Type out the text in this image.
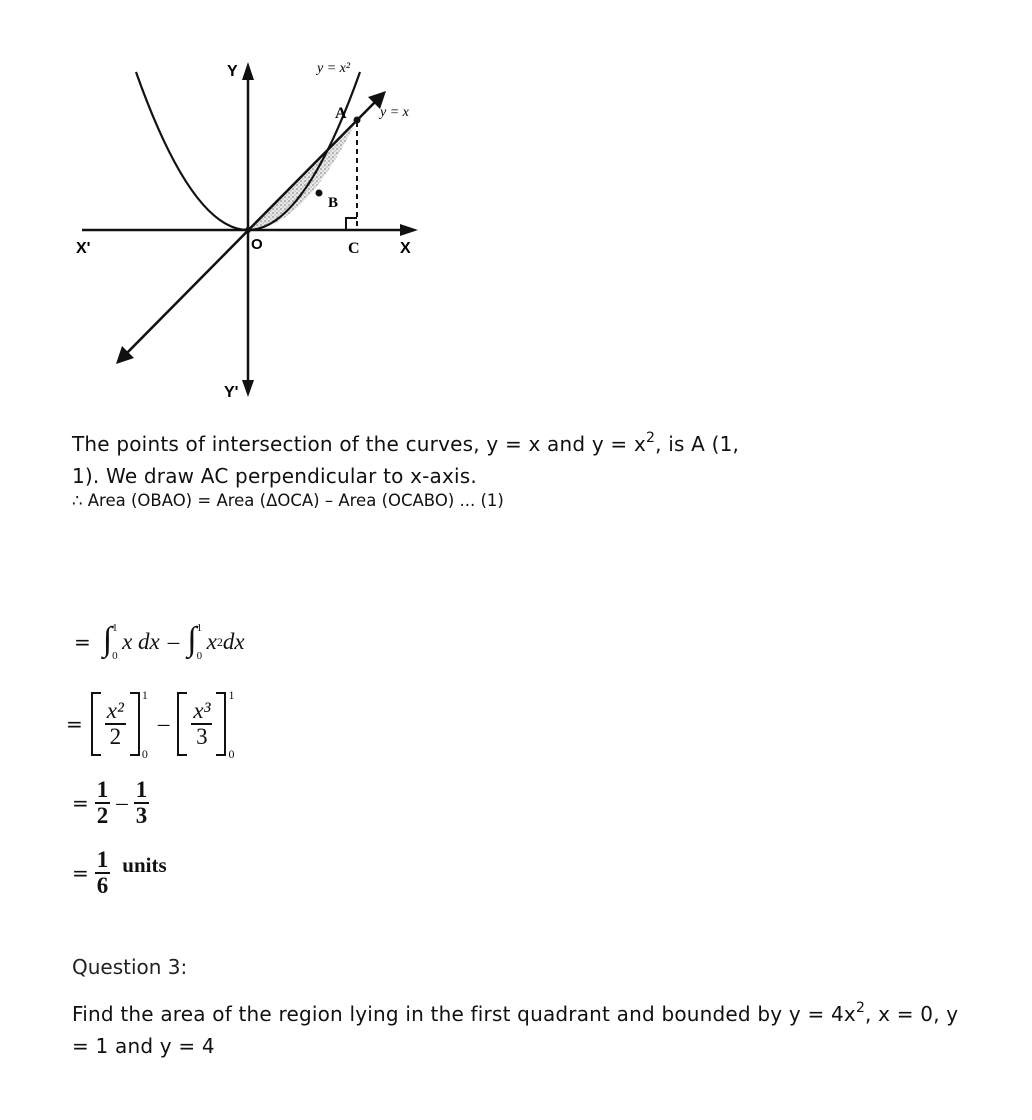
Y
Y'
X
X'	O
A
B
C
y = x²
y = x
The points of intersection of the curves, y = x and $y = x^2$, is A (1,
1). We draw AC perpendicular to x-axis.
∴ Area (OBAO) = Area (ΔOCA) – Area (OCABO) ... (1)
= ∫ 1
0
x dx – ∫ 1
0
x 2 dx
= $\frac{\text{x²}}{2}$
1
0
– $\frac{\text{x³}}{3}$
1
0
= $\frac{1}{2} - \frac{1}{3}$
= $\frac{1}{6}$ units
Question 3:
Find the area of the region lying in the first quadrant and bounded by $y = 4x^2$, x = 0, y
= 1 and y = 4
